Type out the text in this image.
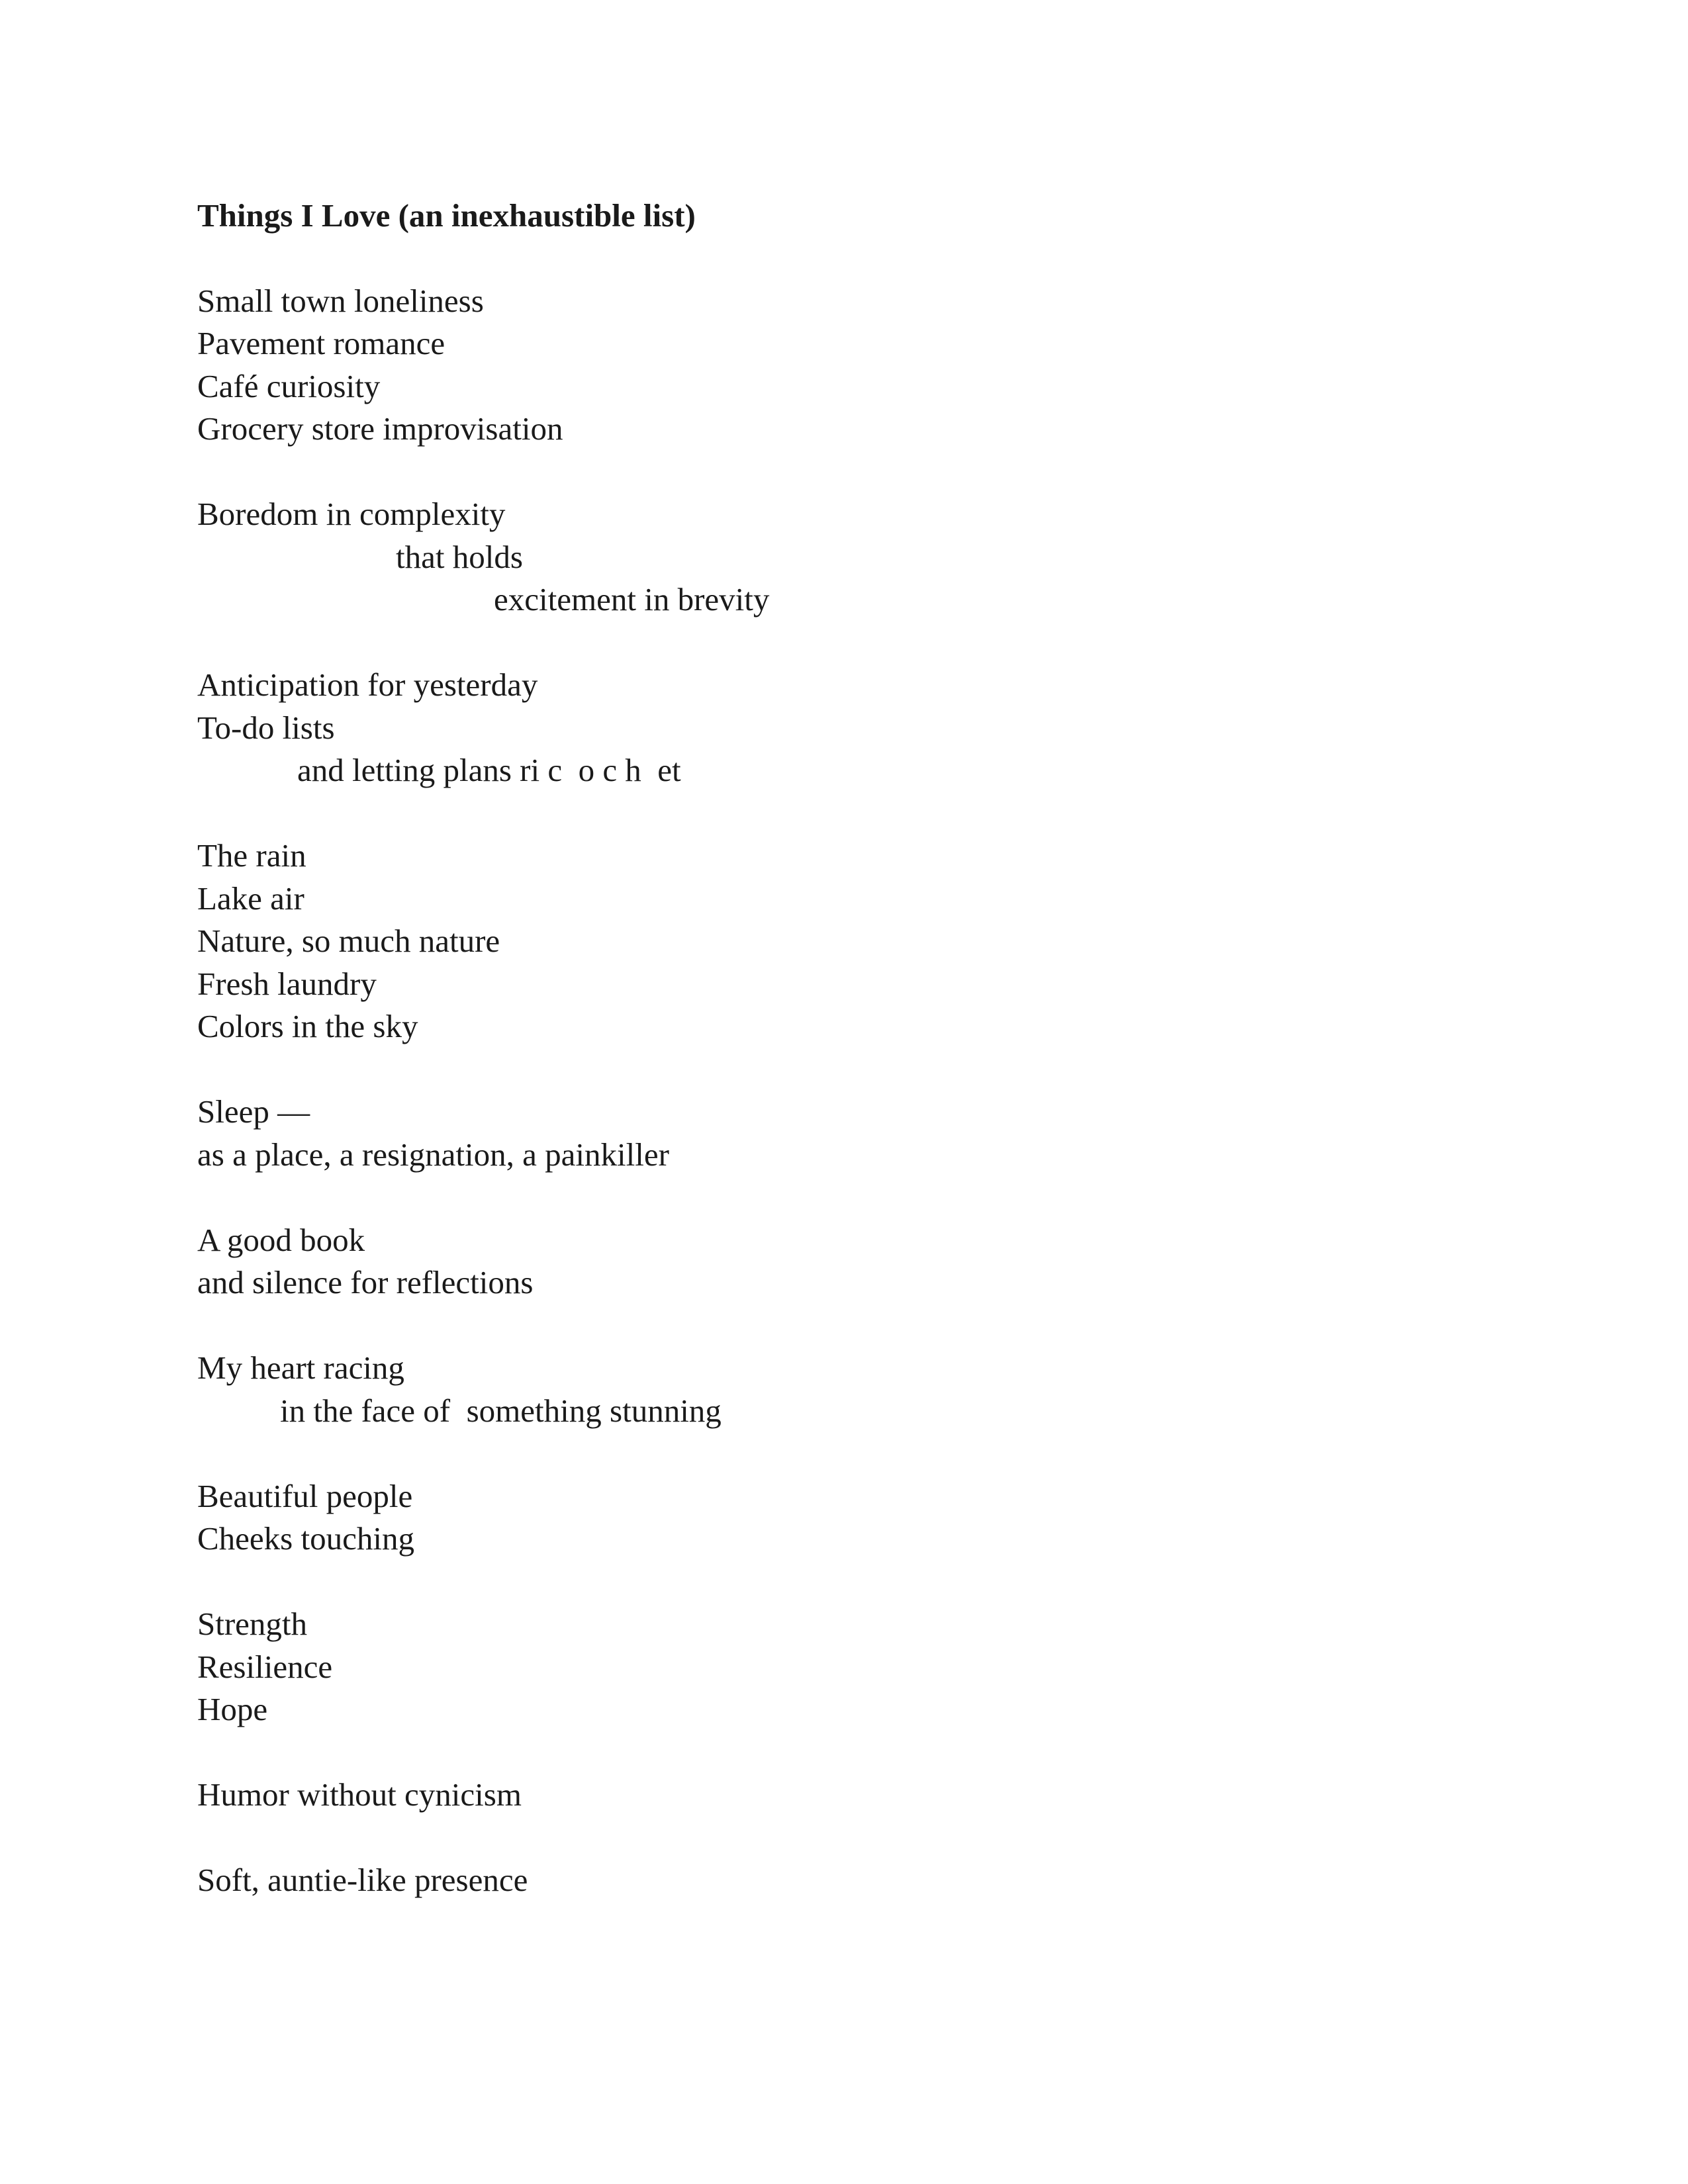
Things I Love (an inexhaustible list)
Small town loneliness
Pavement romance
Café curiosity
Grocery store improvisation
Boredom in complexity
that holds
excitement in brevity
Anticipation for yesterday
To-do lists
and letting plans ri c  o c h  et
The rain
Lake air
Nature, so much nature
Fresh laundry
Colors in the sky
Sleep —
as a place, a resignation, a painkiller
A good book
and silence for reflections
My heart racing
in the face of  something stunning
Beautiful people
Cheeks touching
Strength
Resilience
Hope
Humor without cynicism
Soft, auntie-like presence
